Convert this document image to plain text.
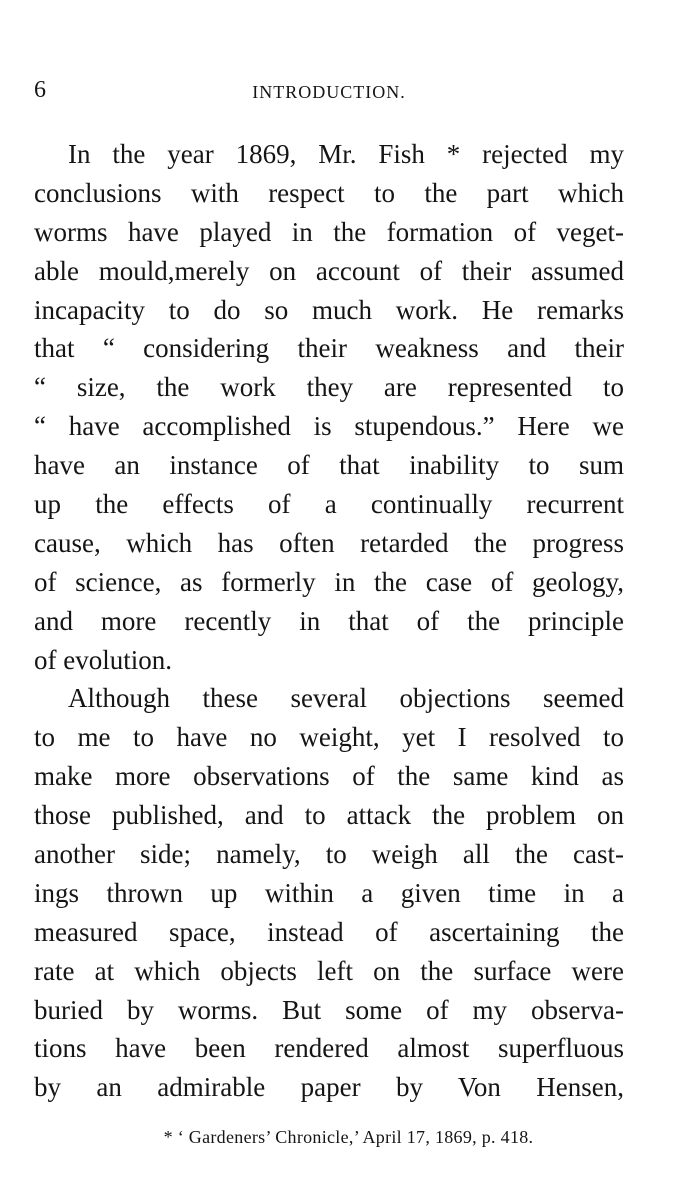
6	INTRODUCTION.
In the year 1869, Mr. Fish * rejected my
conclusions with respect to the part which
worms have played in the formation of veget-
able mould,merely on account of their assumed
incapacity to do so much work. He remarks
that “ considering their weakness and their
“ size, the work they are represented to
“ have accomplished is stupendous.” Here we
have an instance of that inability to sum
up the effects of a continually recurrent
cause, which has often retarded the progress
of science, as formerly in the case of geology,
and more recently in that of the principle
of evolution.
Although these several objections seemed
to me to have no weight, yet I resolved to
make more observations of the same kind as
those published, and to attack the problem on
another side; namely, to weigh all the cast-
ings thrown up within a given time in a
measured space, instead of ascertaining the
rate at which objects left on the surface were
buried by worms. But some of my observa-
tions have been rendered almost superfluous
by an admirable paper by Von Hensen,
* ‘ Gardeners’ Chronicle,’ April 17, 1869, p. 418.
